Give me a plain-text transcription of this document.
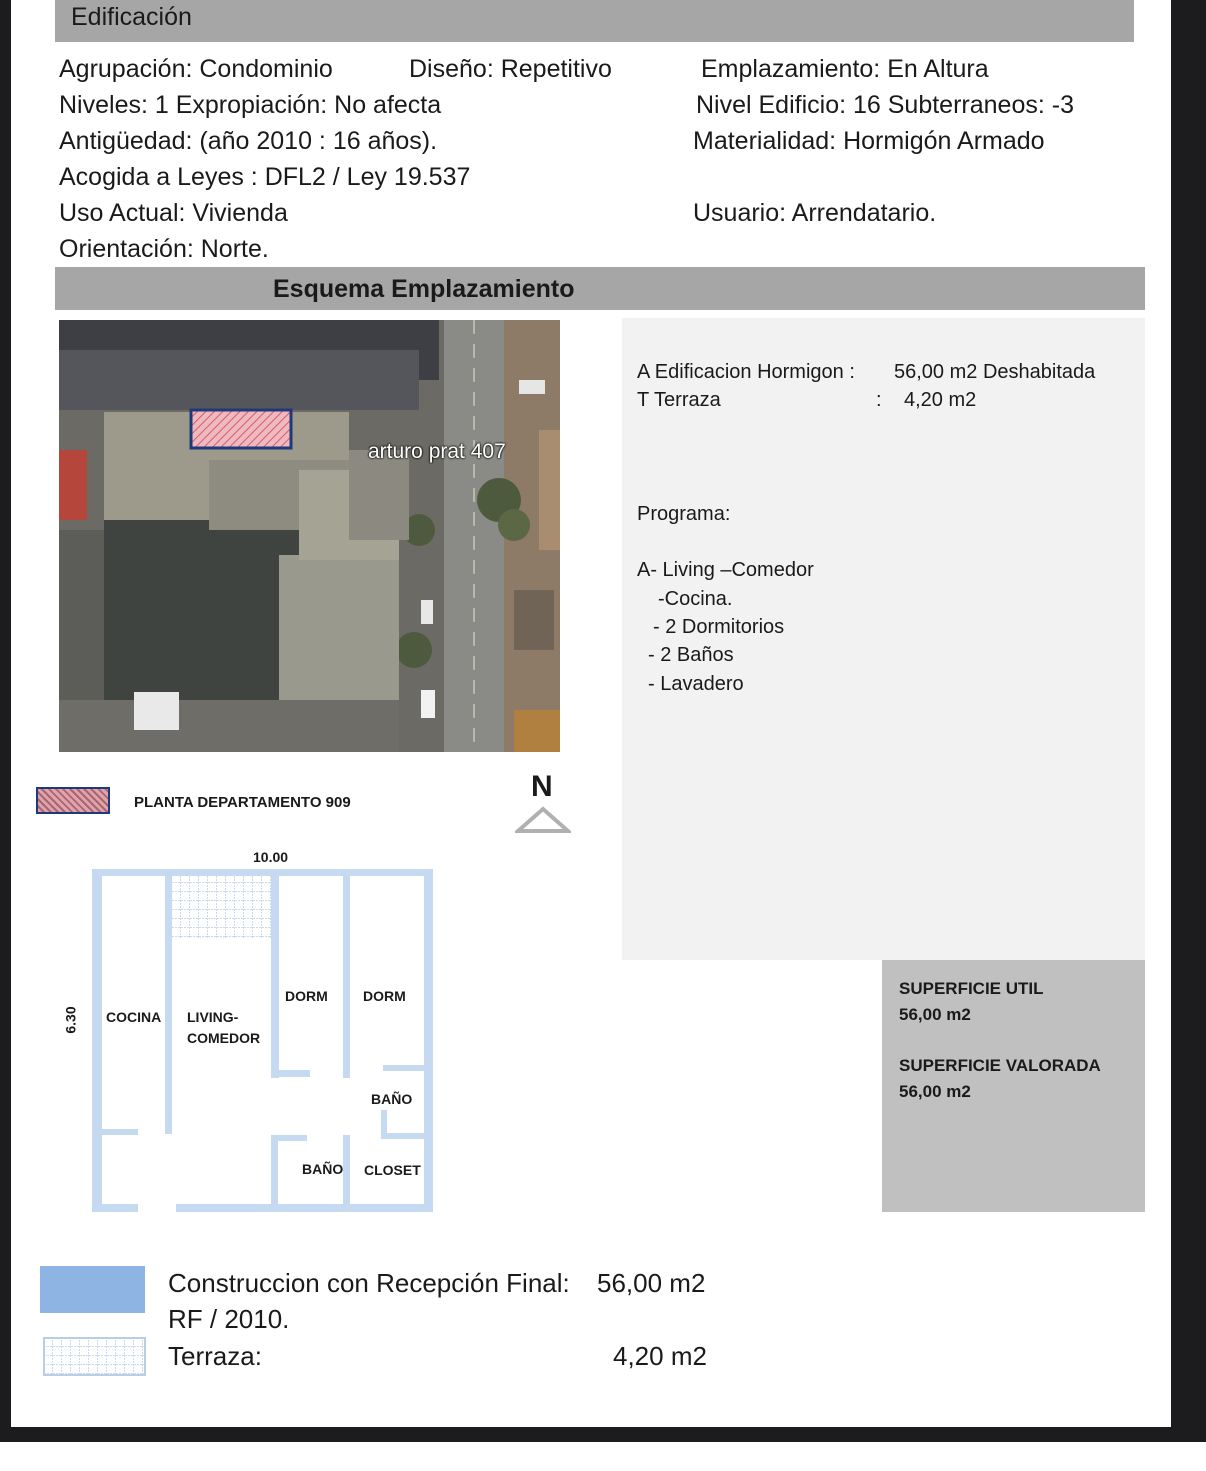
Edificación
Agrupación: Condominio	Diseño: Repetitivo	Emplazamiento: En Altura
Niveles: 1 Expropiación: No afecta	Nivel Edificio: 16 Subterraneos: -3
Antigüedad: (año 2010 : 16 años).	Materialidad: Hormigón Armado
Acogida a Leyes : DFL2 / Ley 19.537
Uso Actual: Vivienda	Usuario: Arrendatario.
Orientación: Norte.
Esquema Emplazamiento
arturo prat 407
PLANTA DEPARTAMENTO 909	N
A Edificacion Hormigon : 56,00 m2 Deshabitada
T Terraza	: 4,20 m2
Programa:
A- Living –Comedor
-Cocina.
- 2 Dormitorios
- 2 Baños
- Lavadero
SUPERFICIE UTIL
56,00 m2
SUPERFICIE VALORADA
56,00 m2
10.00
6.30 COCINA LIVING-
COMEDOR
DORM	DORM
BAÑO
BAÑO CLOSET
Construccion con Recepción Final: 56,00 m2
RF / 2010.
Terraza:	4,20 m2
